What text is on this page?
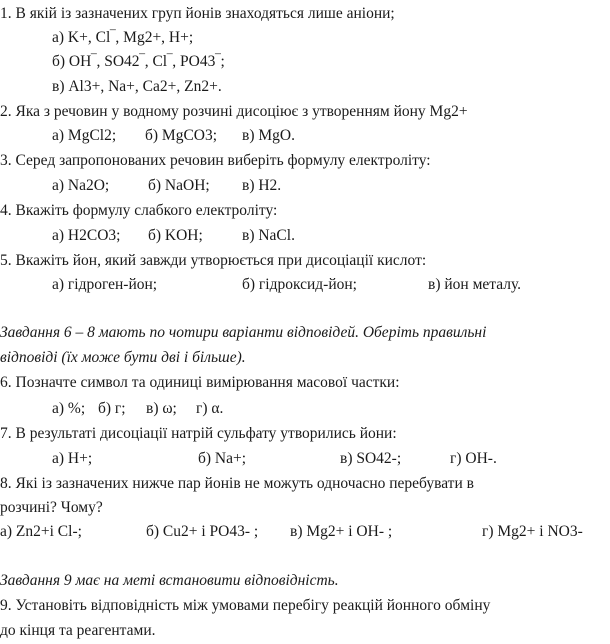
1. В якій із зазначених груп йонів знаходяться лише аніони;
а) K+, Cl‾, Mg2+, H+;
б) OH‾, SO42‾, Cl‾, PO43‾;
в) Al3+, Na+, Ca2+, Zn2+.
2. Яка з речовин у водному розчині дисоціює з утворенням йону Mg2+
а) MgCl2; б) MgCO3; в) MgO.
3. Серед запропонованих речовин виберіть формулу електроліту:
а) Na2O;	б) NaOH; в) H2.
4. Вкажіть формулу слабкого електроліту:
а) H2CO3; б) KOH;	в) NaCl.
5. Вкажіть йон, який завжди утворюється при дисоціації кислот:
а) гідроген-йон;	б) гідроксид-йон;	в) йон металу.
Завдання 6 – 8 мають по чотири варіанти відповідей. Оберіть правильні
відповіді (їх може бути дві і більше).
6. Позначте символ та одиниці вимірювання масової частки:
а) %; б) г; в) ω; г) α.
7. В результаті дисоціації натрій сульфату утворились йони:
а) H+;	б) Na+;	в) SO42-;	г) OH-.
8. Які із зазначених нижче пар йонів не можуть одночасно перебувати в
розчині? Чому?
а) Zn2+і Cl-;	б) Cu2+ і PO43- ; в) Mg2+ і OH- ;	г) Mg2+ і NO3-
Завдання 9 має на меті встановити відповідність.
9. Установіть відповідність між умовами перебігу реакцій йонного обміну
до кінця та реагентами.
